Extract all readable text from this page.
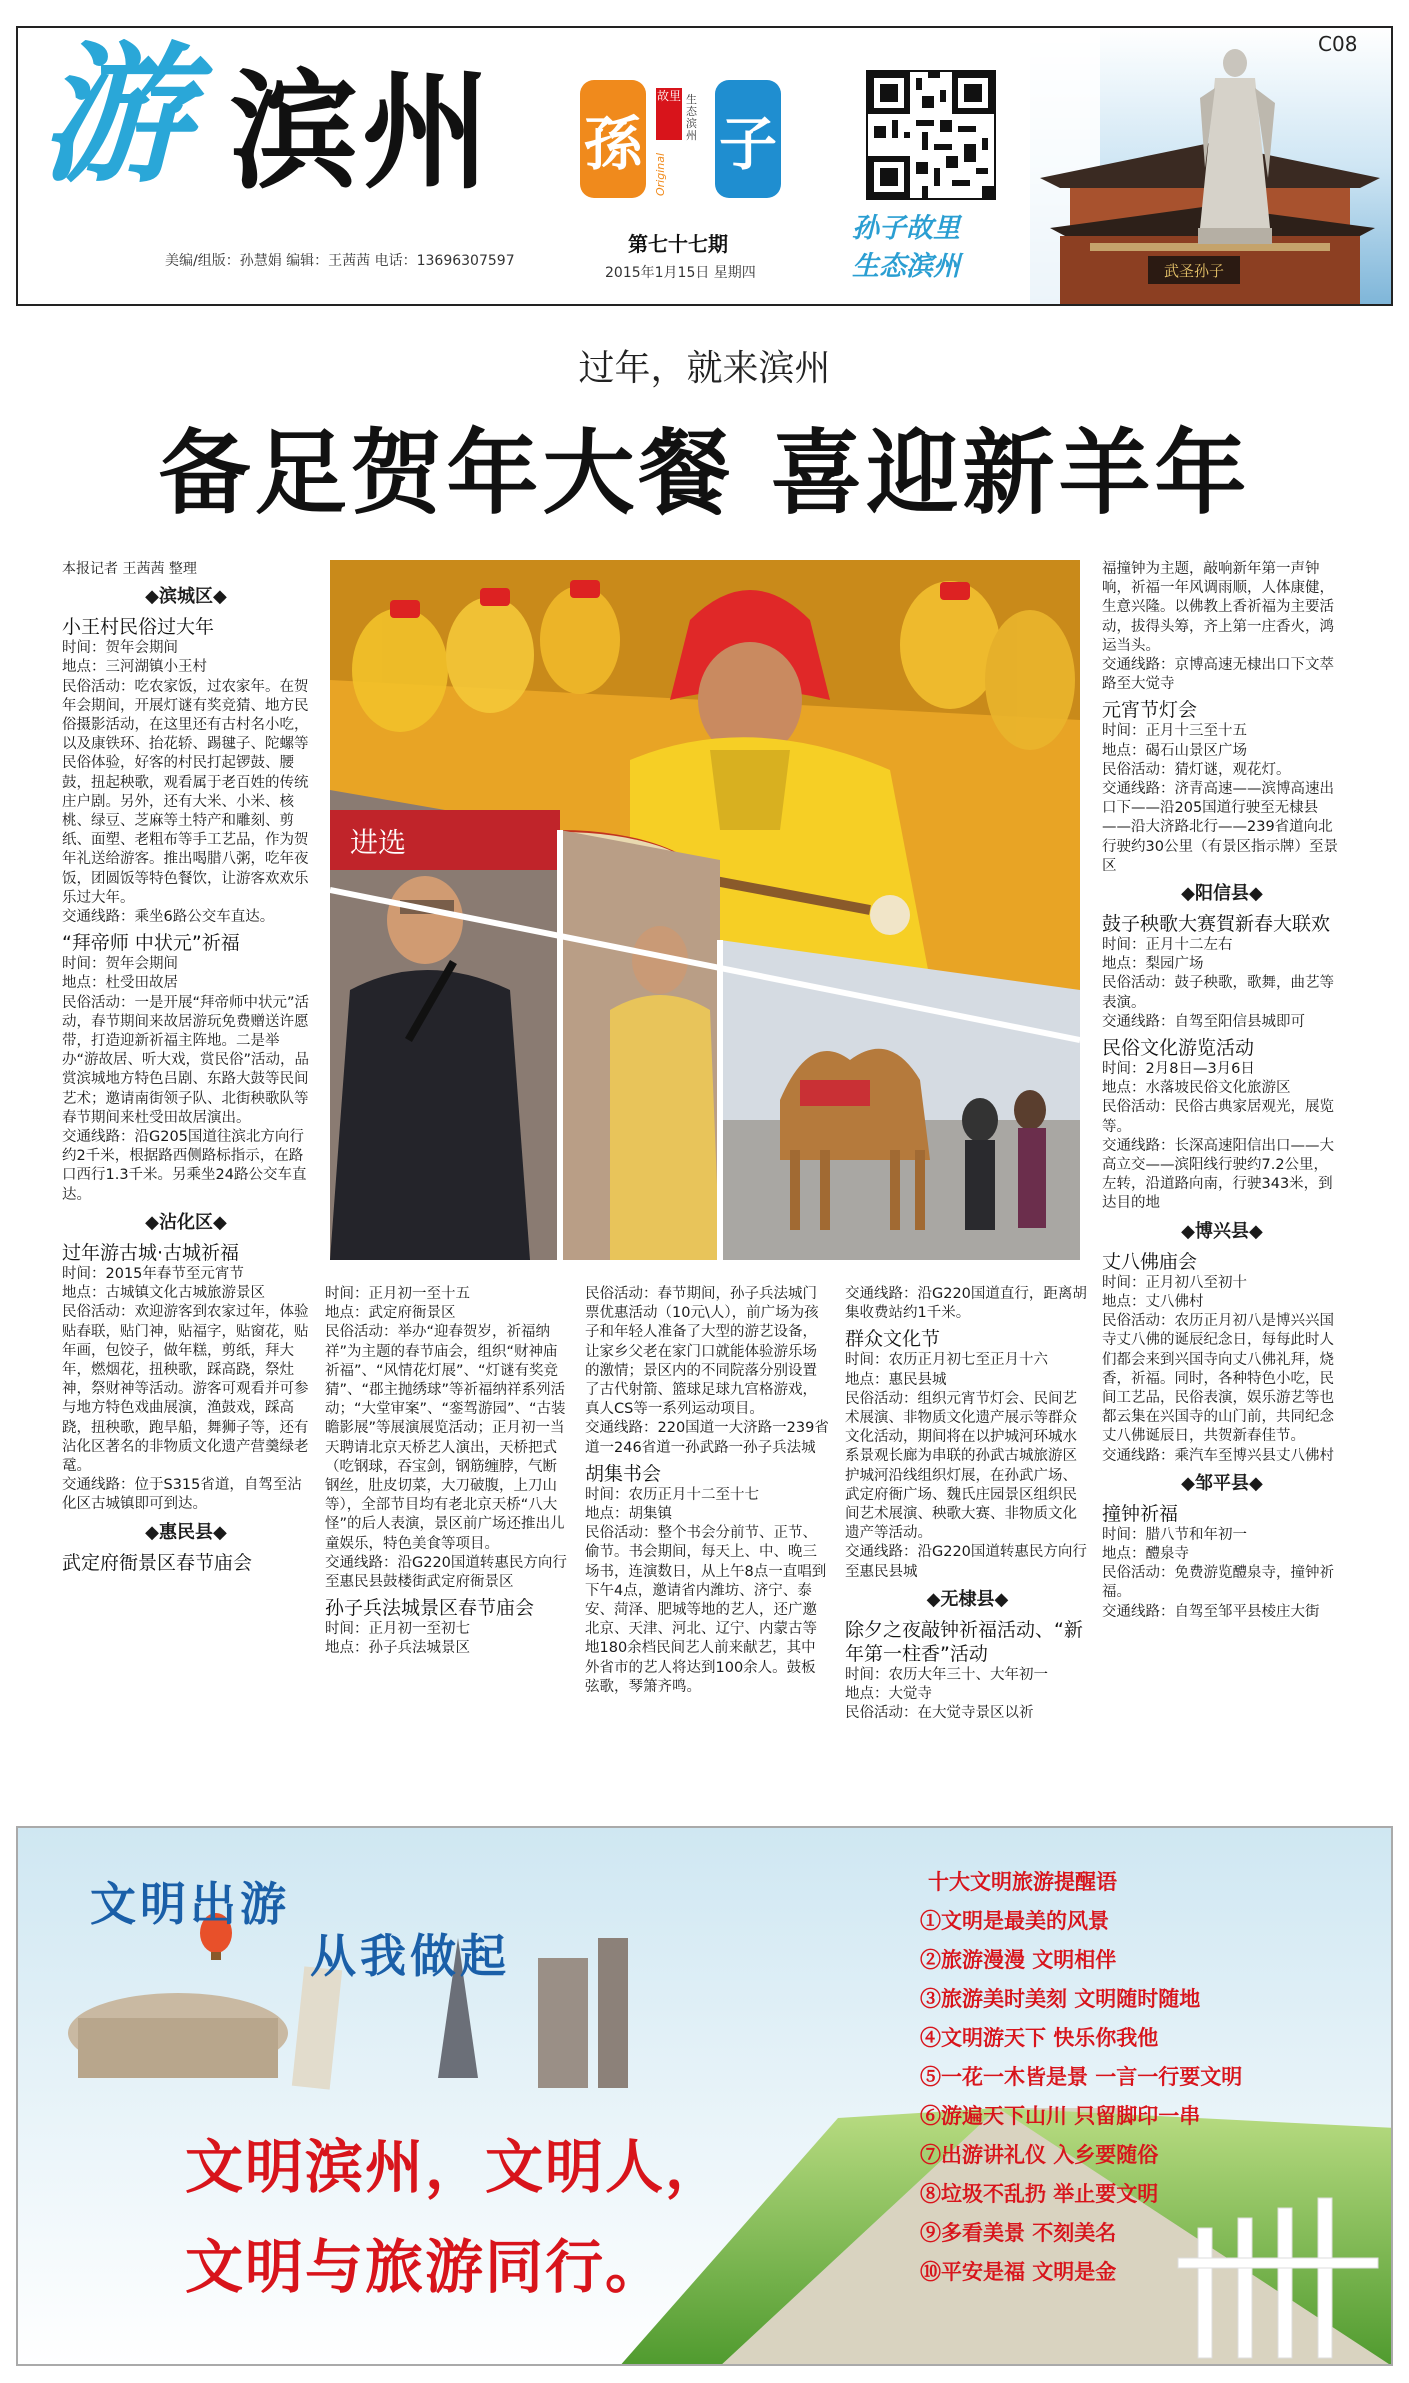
游 滨州
美编/组版：孙慧娟 编辑：王茜茜 电话：13696307597
孫
故里 生态滨州
Original 子
第七十七期
2015年1月15日 星期四
孙子故里
生态滨州	武圣孙子
C08
过年，就来滨州
备足贺年大餐 喜迎新羊年

本报记者 王茜茜 整理

◆滨城区◆

小王村民俗过大年

时间：贺年会期间

地点：三河湖镇小王村

民俗活动：吃农家饭，过农家年。在贺年会期间，开展灯谜有奖竞猜、地方民俗摄影活动，在这里还有古村名小吃，以及康铁环、抬花轿、踢毽子、陀螺等民俗体验，好客的村民打起锣鼓、腰鼓，扭起秧歌，观看属于老百姓的传统庄户剧。另外，还有大米、小米、核桃、绿豆、芝麻等土特产和雕刻、剪纸、面塑、老粗布等手工艺品，作为贺年礼送给游客。推出喝腊八粥，吃年夜饭，团圆饭等特色餐饮，让游客欢欢乐乐过大年。

交通线路：乘坐6路公交车直达。

“拜帝师 中状元”祈福

时间：贺年会期间

地点：杜受田故居

民俗活动：一是开展“拜帝师中状元”活动，春节期间来故居游玩免费赠送许愿带，打造迎新祈福主阵地。二是举办“游故居、听大戏，赏民俗”活动，品赏滨城地方特色吕剧、东路大鼓等民间艺术；邀请南街领子队、北街秧歌队等春节期间来杜受田故居演出。

交通线路：沿G205国道往滨北方向行约2千米，根据路西侧路标指示，在路口西行1.3千米。另乘坐24路公交车直达。

◆沾化区◆

过年游古城·古城祈福

时间：2015年春节至元宵节

地点：古城镇文化古城旅游景区

民俗活动：欢迎游客到农家过年，体验贴春联，贴门神，贴福字，贴窗花，贴年画，包饺子，做年糕，剪纸，拜大年，燃烟花，扭秧歌，踩高跷，祭灶神，祭财神等活动。游客可观看并可参与地方特色戏曲展演，渔鼓戏，踩高跷，扭秧歌，跑旱船，舞狮子等，还有沾化区著名的非物质文化遗产营羹绿老鼋。

交通线路：位于S315省道，自驾至沾化区古城镇即可到达。

◆惠民县◆

武定府衙景区春节庙会

进选

福撞钟为主题，敲响新年第一声钟响，祈福一年风调雨顺，人体康健，生意兴隆。以佛教上香祈福为主要活动，拔得头筹，齐上第一庄香火，鸿运当头。

交通线路：京博高速无棣出口下文萃路至大觉寺

元宵节灯会

时间：正月十三至十五

地点：碣石山景区广场

民俗活动：猜灯谜，观花灯。

交通线路：济青高速——滨博高速出口下——沿205国道行驶至无棣县——沿大济路北行——239省道向北行驶约30公里（有景区指示牌）至景区

◆阳信县◆

鼓子秧歌大赛賀新春大联欢

时间：正月十二左右

地点：梨园广场

民俗活动：鼓子秧歌，歌舞，曲艺等表演。

交通线路：自驾至阳信县城即可

民俗文化游览活动

时间：2月8日—3月6日

地点：水落坡民俗文化旅游区

民俗活动：民俗古典家居观光，展览等。

交通线路：长深高速阳信出口——大高立交——滨阳线行驶约7.2公里，左转，沿道路向南，行驶343米，到达目的地

◆博兴县◆

丈八佛庙会

时间：正月初八至初十

地点：丈八佛村

民俗活动：农历正月初八是博兴兴国寺丈八佛的诞辰纪念日，每每此时人们都会来到兴国寺向丈八佛礼拜，烧香，祈福。同时，各种特色小吃，民间工艺品，民俗表演，娱乐游艺等也都云集在兴国寺的山门前，共同纪念丈八佛诞辰日，共贺新春佳节。

交通线路：乘汽车至博兴县丈八佛村

◆邹平县◆

撞钟祈福

时间：腊八节和年初一

地点：醴泉寺

民俗活动：免费游览醴泉寺，撞钟祈福。

交通线路：自驾至邹平县棱庄大街

时间：正月初一至十五

地点：武定府衙景区

民俗活动：举办“迎春贺岁，祈福纳祥”为主题的春节庙会，组织“财神庙祈福”、“风情花灯展”、“灯谜有奖竞猜”、“郡主抛绣球”等祈福纳祥系列活动；“大堂审案”、“銮驾游园”、“古装瞻影展”等展演展览活动；正月初一当天聘请北京天桥艺人演出，天桥把式（吃钢球，吞宝剑，钢筋缠脖，气断钢丝，肚皮切菜，大刀破腹，上刀山等），全部节目均有老北京天桥“八大怪”的后人表演，景区前广场还推出儿童娱乐，特色美食等项目。

交通线路：沿G220国道转惠民方向行至惠民县鼓楼街武定府衙景区

孙子兵法城景区春节庙会

时间：正月初一至初七

地点：孙子兵法城景区

民俗活动：春节期间，孙子兵法城门票优惠活动（10元\人），前广场为孩子和年轻人准备了大型的游艺设备，让家乡父老在家门口就能体验游乐场的激情；景区内的不同院落分别设置了古代射箭、篮球足球九宫格游戏，真人CS等一系列运动项目。

交通线路：220国道一大济路一239省道一246省道一孙武路一孙子兵法城

胡集书会

时间：农历正月十二至十七

地点：胡集镇

民俗活动：整个书会分前节、正节、偷节。书会期间，每天上、中、晚三场书，连演数日，从上午8点一直唱到下午4点，邀请省内潍坊、济宁、泰安、菏泽、肥城等地的艺人，还广邀北京、天津、河北、辽宁、内蒙古等地180余档民间艺人前来献艺，其中外省市的艺人将达到100余人。鼓板弦歌，琴箫齐鸣。

交通线路：沿G220国道直行，距离胡集收费站约1千米。

群众文化节

时间：农历正月初七至正月十六

地点：惠民县城

民俗活动：组织元宵节灯会、民间艺术展演、非物质文化遗产展示等群众文化活动，期间将在以护城河环城水系景观长廊为串联的孙武古城旅游区护城河沿线组织灯展，在孙武广场、武定府衙广场、魏氏庄园景区组织民间艺术展演、秧歌大赛、非物质文化遗产等活动。

交通线路：沿G220国道转惠民方向行至惠民县城

◆无棣县◆

除夕之夜敲钟祈福活动、“新年第一柱香”活动

时间：农历大年三十、大年初一

地点：大觉寺

民俗活动：在大觉寺景区以祈

文明出游
从我做起
文明滨州，文明人，
文明与旅游同行。

十大文明旅游提醒语

①文明是最美的风景

②旅游漫漫 文明相伴

③旅游美时美刻 文明随时随地

④文明游天下 快乐你我他

⑤一花一木皆是景 一言一行要文明

⑥游遍天下山川 只留脚印一串

⑦出游讲礼仪 入乡要随俗

⑧垃圾不乱扔 举止要文明

⑨多看美景 不刻美名

⑩平安是福 文明是金
